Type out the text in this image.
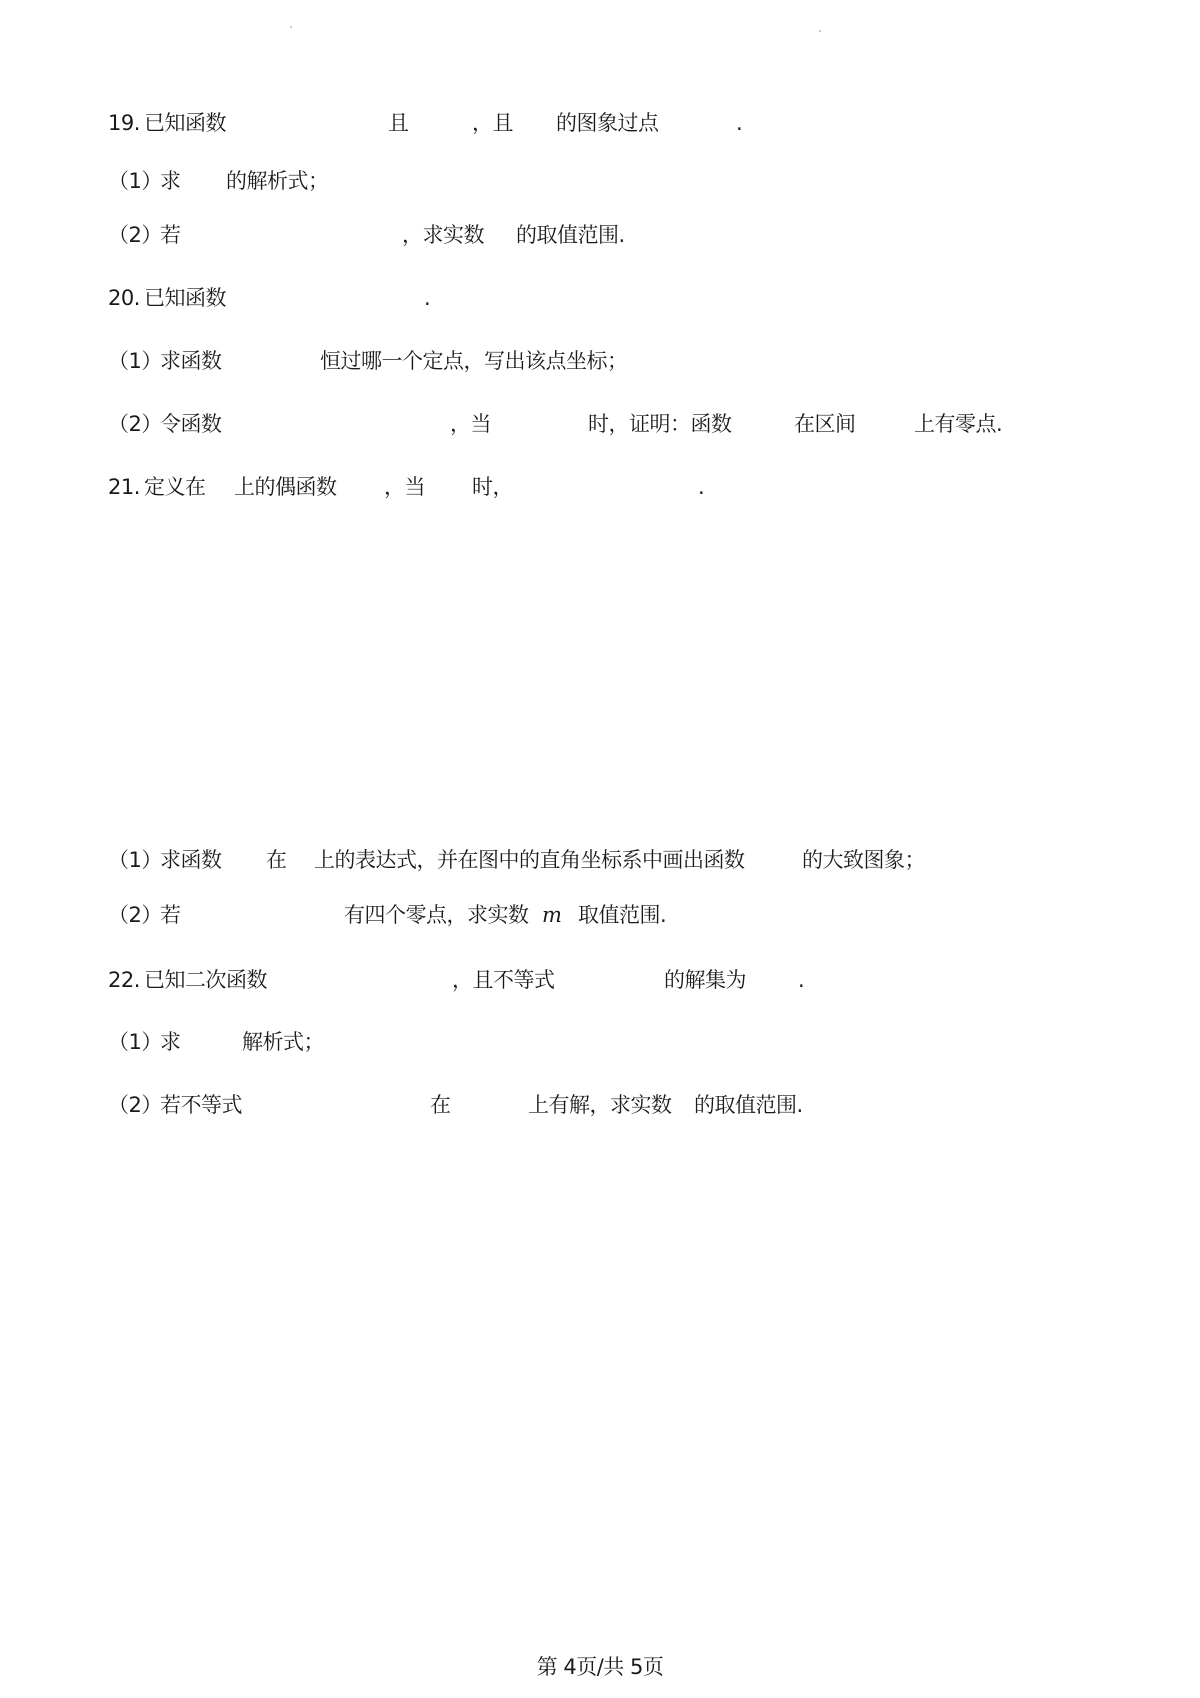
19. 已知函数	且	，且 的图象过点	.
（1）
求 的解析式；
（2）
若	，求实数 的取值范围.
20. 已知函数	.
（1）
求函数	恒过哪一个定点，写出该点坐标；
（2）
令函数	，当	时，证明：函数	在区间	上有零点.
21. 定义在 上的偶函数 ，当 时，	.
（1）
求函数 在 上的表达式，并在图中的直角坐标系中画出函数	的大致图象；
（2）
若	有四个零点，求实数 m 取值范围.
22. 已知二次函数	，且不等式	的解集为 .
（1）
求	解析式；
（2）
若不等式	在	上有解，求实数 的取值范围.
第 4页/共 5页
